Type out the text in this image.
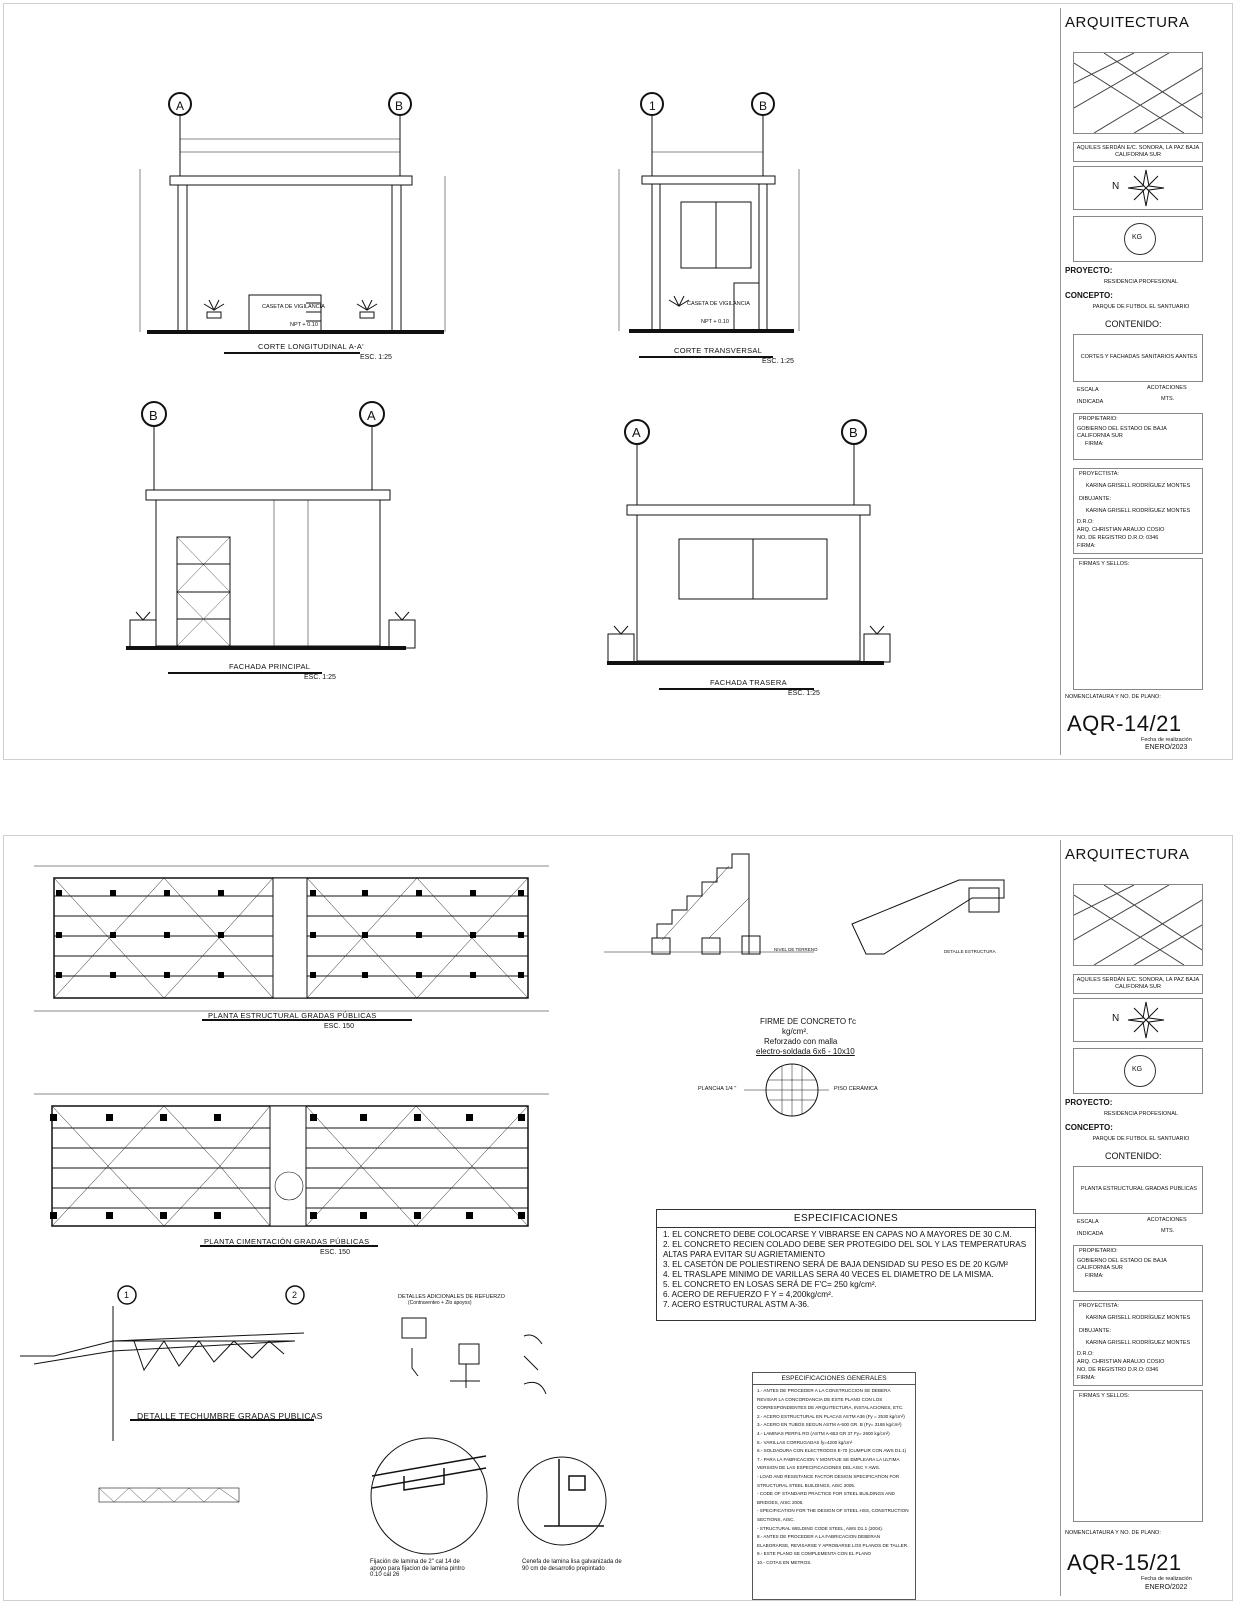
A	B
CASETA DE VIGILANCIA
NPT + 0.10
CORTE LONGITUDINAL A-A'
ESC. 1:25
1	B
CASETA DE VIGILANCIA
NPT + 0.10
CORTE TRANSVERSAL
ESC. 1:25
B	A
FACHADA PRINCIPAL
ESC. 1:25
A	B
FACHADA TRASERA
ESC. 1:25
ARQUITECTURA
AQUILES SERDÁN E/C. SONORA, LA PAZ BAJA CALIFORNIA SUR
N
KG
PROYECTO:
RESIDENCIA PROFESIONAL
CONCEPTO:
PARQUE DE FUTBOL EL SANTUARIO
CONTENIDO:
CORTES Y FACHADAS SANITARIOS AANTES
ESCALA
INDICADA
ACOTACIONES
MTS.
PROPIETARIO:
GOBIERNO DEL ESTADO DE BAJA CALIFORNIA SUR
FIRMA:
PROYECTISTA:
KARINA GRISELL RODRÍGUEZ MONTES
DIBUJANTE:
KARINA GRISELL RODRÍGUEZ MONTES
D.R.O:
ARQ. CHRISTIAN ARAUJO COSIO
NO. DE REGISTRO D.R.O: 0346
FIRMA:
FIRMAS Y SELLOS:
NOMENCLATAURA Y NO. DE PLANO:
AQR-14/21
Fecha de realización
ENERO/2023
PLANTA ESTRUCTURAL GRADAS PÚBLICAS
ESC. 150
PLANTA CIMENTACIÓN GRADAS PÚBLICAS
ESC. 150
1	2
DETALLE TECHUMBRE GRADAS PUBLICAS
DETALLES ADICIONALES DE REFUERZO
(Contraventeo + Zlo apoyos)
FIRME DE CONCRETO f'c
kg/cm².
Reforzado con malla
electro-soldada 6x6 - 10x10
PLANCHA 1/4 "	PISO CERÁMICA
NIVEL DE TERRENO	DETALLE ESTRUCTURA
Fijación de lamina de 2" cal 14 de apoyo para fijacion de lamina pintro 0.10 cal 26
Cenefa de lamina lisa galvanizada de 90 cm de desarrollo prepintado
ESPECIFICACIONES
1. EL CONCRETO DEBE COLOCARSE Y VIBRARSE EN CAPAS NO A MAYORES DE 30 C.M.
2. EL CONCRETO RECIEN COLADO DEBE SER PROTEGIDO DEL SOL Y LAS TEMPERATURAS ALTAS PARA EVITAR SU AGRIETAMIENTO
3. EL CASETÓN DE POLIESTIRENO SERÁ DE BAJA DENSIDAD SU PESO ES DE 20 KG/M²
4. EL TRASLAPE MINIMO DE VARILLAS SERA 40 VECES EL DIAMETRO DE LA MISMA.
5. EL CONCRETO EN LOSAS SERÁ DE F'C= 250 kg/cm².
6. ACERO DE REFUERZO F Y = 4,200kg/cm².
7. ACERO ESTRUCTURAL ASTM A-36.
ESPECIFICACIONES GENERALES
1.- ANTES DE PROCEDER A LA CONSTRUCCION SE DEBERA REVISAR LA CONCORDANCIA DE ESTE PLANO CON LOS CORRESPONDIENTES DE ARQUITECTURA, INSTALACIONES, ETC.
2.- ACERO ESTRUCTURAL EN PLACAS ASTM A36 (Fy = 2530 kg/cm²)
3.- ACERO EN TUBOS SEGUN ASTM A-500 GR. B (Fy= 3165 kg/cm²)
4.- LAMINAS PERFIL RO (ASTM A-653 GR 37 Fy= 2600 kg/cm²)
5.- VARILLAS CORRUGADAS fy=4200 kg/cm²
6.- SOLDADURA CON ELECTRODOS E-70 (CUMPLIR CON AWS D1.1)
7.- PARA LA FABRICACION Y MONTAJE SE EMPLEARA LA ULTIMA VERSION DE LAS ESPECIFICACIONES DEL AISC Y AWS.
- LOAD AND RESISTANCE FACTOR DESIGN SPECIFICATION FOR STRUCTURAL STEEL BUILDINGS, AISC 2005.
- CODE OF STANDARD PRACTICE FOR STEEL BUILDINGS AND BRIDGES, AISC 2005.
- SPECIFICATION FOR THE DESIGN OF STEEL HSS, CONSTRUCTION SECTIONS, AISC.
- STRUCTURAL WELDING CODE STEEL, AWS D1.1 (2004).
8.- ANTES DE PROCEDER A LA FABRICACION DEBERAN ELABORARSE, REVISARSE Y APROBARSE LOS PLANOS DE TALLER.
9.- ESTE PLANO SE COMPLEMENTA CON EL PLANO
10.- COTAS EN METROS.
ARQUITECTURA
AQUILES SERDÁN E/C. SONORA, LA PAZ BAJA CALIFORNIA SUR
N
KG
PROYECTO:
RESIDENCIA PROFESIONAL
CONCEPTO:
PARQUE DE FUTBOL EL SANTUARIO
CONTENIDO:
PLANTA ESTRUCTURAL GRADAS PUBLICAS
ESCALA
INDICADA
ACOTACIONES
MTS.
PROPIETARIO:
GOBIERNO DEL ESTADO DE BAJA CALIFORNIA SUR
FIRMA:
PROYECTISTA:
KARINA GRISELL RODRÍGUEZ MONTES
DIBUJANTE:
KARINA GRISELL RODRÍGUEZ MONTES
D.R.O:
ARQ. CHRISTIAN ARAUJO COSIO
NO. DE REGISTRO D.R.O: 0346
FIRMA:
FIRMAS Y SELLOS:
NOMENCLATAURA Y NO. DE PLANO:
AQR-15/21
Fecha de realización
ENERO/2022
